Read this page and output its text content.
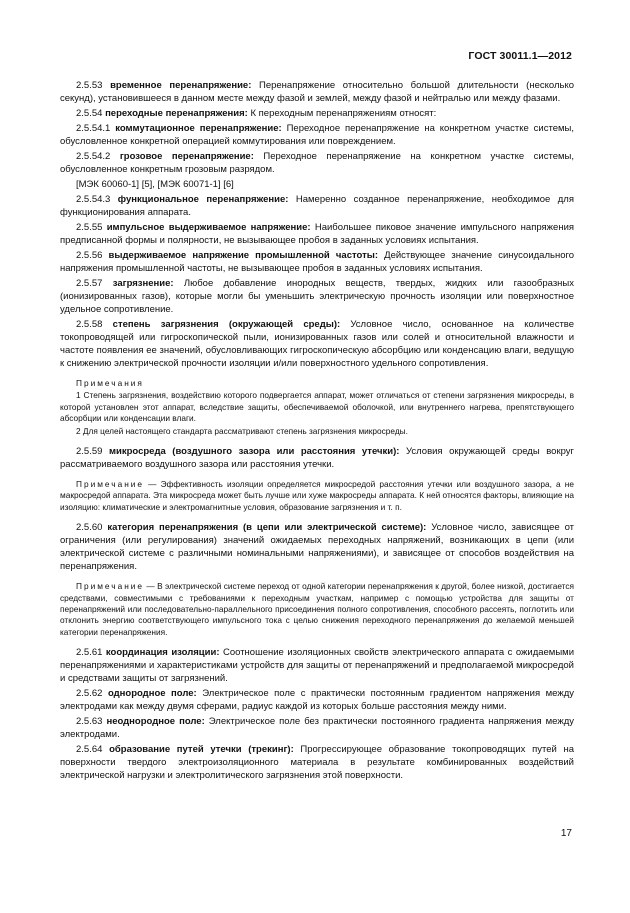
ГОСТ 30011.1—2012

2.5.53 временное перенапряжение: Перенапряжение относительно большой длительности (несколько секунд), установившееся в данном месте между фазой и землей, между фазой и нейтралью или между фазами.

2.5.54 переходные перенапряжения: К переходным перенапряжениям относят:

2.5.54.1 коммутационное перенапряжение: Переходное перенапряжение на конкретном участке системы, обусловленное конкретной операцией коммутирования или повреждением.

2.5.54.2 грозовое перенапряжение: Переходное перенапряжение на конкретном участке системы, обусловленное конкретным грозовым разрядом.

[МЭК 60060-1] [5], [МЭК 60071-1] [6]

2.5.54.3 функциональное перенапряжение: Намеренно созданное перенапряжение, необходимое для функционирования аппарата.

2.5.55 импульсное выдерживаемое напряжение: Наибольшее пиковое значение импульсного напряжения предписанной формы и полярности, не вызывающее пробоя в заданных условиях испытания.

2.5.56 выдерживаемое напряжение промышленной частоты: Действующее значение синусоидального напряжения промышленной частоты, не вызывающее пробоя в заданных условиях испытания.

2.5.57 загрязнение: Любое добавление инородных веществ, твердых, жидких или газообразных (ионизированных газов), которые могли бы уменьшить электрическую прочность изоляции или поверхностное удельное сопротивление.

2.5.58 степень загрязнения (окружающей среды): Условное число, основанное на количестве токопроводящей или гигроскопической пыли, ионизированных газов или солей и относительной влажности и частоте появления ее значений, обусловливающих гигроскопическую абсорбцию или конденсацию влаги, ведущую к снижению электрической прочности изоляции и/или поверхностного удельного сопротивления.

Примечания

1 Степень загрязнения, воздействию которого подвергается аппарат, может отличаться от степени загрязнения микросреды, в которой установлен этот аппарат, вследствие защиты, обеспечиваемой оболочкой, или внутреннего нагрева, препятствующего абсорбции или конденсации влаги.

2 Для целей настоящего стандарта рассматривают степень загрязнения микросреды.

2.5.59 микросреда (воздушного зазора или расстояния утечки): Условия окружающей среды вокруг рассматриваемого воздушного зазора или расстояния утечки.

Примечание — Эффективность изоляции определяется микросредой расстояния утечки или воздушного зазора, а не макросредой аппарата. Эта микросреда может быть лучше или хуже макросреды аппарата. К ней относятся факторы, влияющие на изоляцию: климатические и электромагнитные условия, образование загрязнения и т. п.

2.5.60 категория перенапряжения (в цепи или электрической системе): Условное число, зависящее от ограничения (или регулирования) значений ожидаемых переходных напряжений, возникающих в цепи (или электрической системе с различными номинальными напряжениями), и зависящее от способов воздействия на перенапряжения.

Примечание — В электрической системе переход от одной категории перенапряжения к другой, более низкой, достигается средствами, совместимыми с требованиями к переходным участкам, например с помощью устройства для защиты от перенапряжений или последовательно-параллельного присоединения полного сопротивления, способного рассеять, поглотить или отклонить энергию соответствующего импульсного тока с целью снижения переходного перенапряжения до желаемой меньшей категории перенапряжения.

2.5.61 координация изоляции: Соотношение изоляционных свойств электрического аппарата с ожидаемыми перенапряжениями и характеристиками устройств для защиты от перенапряжений и предполагаемой микросредой и средствами защиты от загрязнений.

2.5.62 однородное поле: Электрическое поле с практически постоянным градиентом напряжения между электродами как между двумя сферами, радиус каждой из которых больше расстояния между ними.

2.5.63 неоднородное поле: Электрическое поле без практически постоянного градиента напряжения между электродами.

2.5.64 образование путей утечки (трекинг): Прогрессирующее образование токопроводящих путей на поверхности твердого электроизоляционного материала в результате комбинированных воздействий электрической нагрузки и электролитического загрязнения этой поверхности.

17
